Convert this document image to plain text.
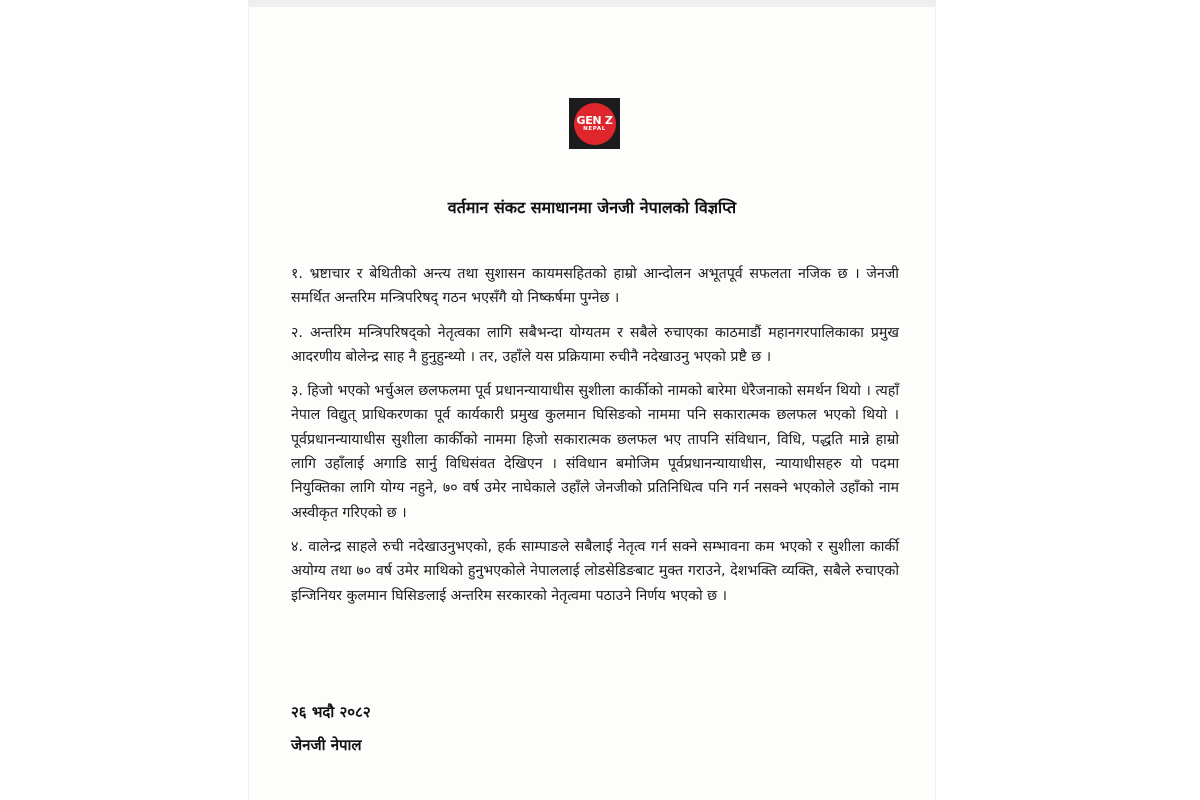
GEN Z
NEPAL
वर्तमान संकट समाधानमा जेनजी नेपालको विज्ञप्ति

१. भ्रष्टाचार र बेथितीको अन्त्य तथा सुशासन कायमसहितको हाम्रो आन्दोलन अभूतपूर्व सफलता नजिक छ । जेनजी समर्थित अन्तरिम मन्त्रिपरिषद् गठन भएसँगै यो निष्कर्षमा पुग्नेछ ।

२. अन्तरिम मन्त्रिपरिषद्को नेतृत्वका लागि सबैभन्दा योग्यतम र सबैले रुचाएका काठमाडौं महानगरपालिकाका प्रमुख आदरणीय बोलेन्द्र साह नै हुनुहुन्थ्यो । तर, उहाँले यस प्रक्रियामा रुचीनै नदेखाउनु भएको प्रष्टै छ ।

३. हिजो भएको भर्चुअल छलफलमा पूर्व प्रधानन्यायाधीस सुशीला कार्कीको नामको बारेमा धेरैजनाको समर्थन थियो । त्यहाँ नेपाल विद्युत् प्राधिकरणका पूर्व कार्यकारी प्रमुख कुलमान घिसिङको नाममा पनि सकारात्मक छलफल भएको थियो । पूर्वप्रधानन्यायाधीस सुशीला कार्कीको नाममा हिजो सकारात्मक छलफल भए तापनि संविधान, विधि, पद्धति मान्ने हाम्रो लागि उहाँलाई अगाडि सार्नु विधिसंवत देखिएन । संविधान बमोजिम पूर्वप्रधानन्यायाधीस, न्यायाधीसहरु यो पदमा नियुक्तिका लागि योग्य नहुने, ७० वर्ष उमेर नाघेकाले उहाँले जेनजीको प्रतिनिधित्व पनि गर्न नसक्ने भएकोले उहाँको नाम अस्वीकृत गरिएको छ ।

४. वालेन्द्र साहले रुची नदेखाउनुभएको, हर्क साम्पाङले सबैलाई नेतृत्व गर्न सक्ने सम्भावना कम भएको र सुशीला कार्की अयोग्य तथा ७० वर्ष उमेर माथिको हुनुभएकोले नेपाललाई लोडसेडिङबाट मुक्त गराउने, देशभक्ति व्यक्ति, सबैले रुचाएको इन्जिनियर कुलमान घिसिङलाई अन्तरिम सरकारको नेतृत्वमा पठाउने निर्णय भएको छ ।

२६ भदौ २०८२
जेनजी नेपाल
